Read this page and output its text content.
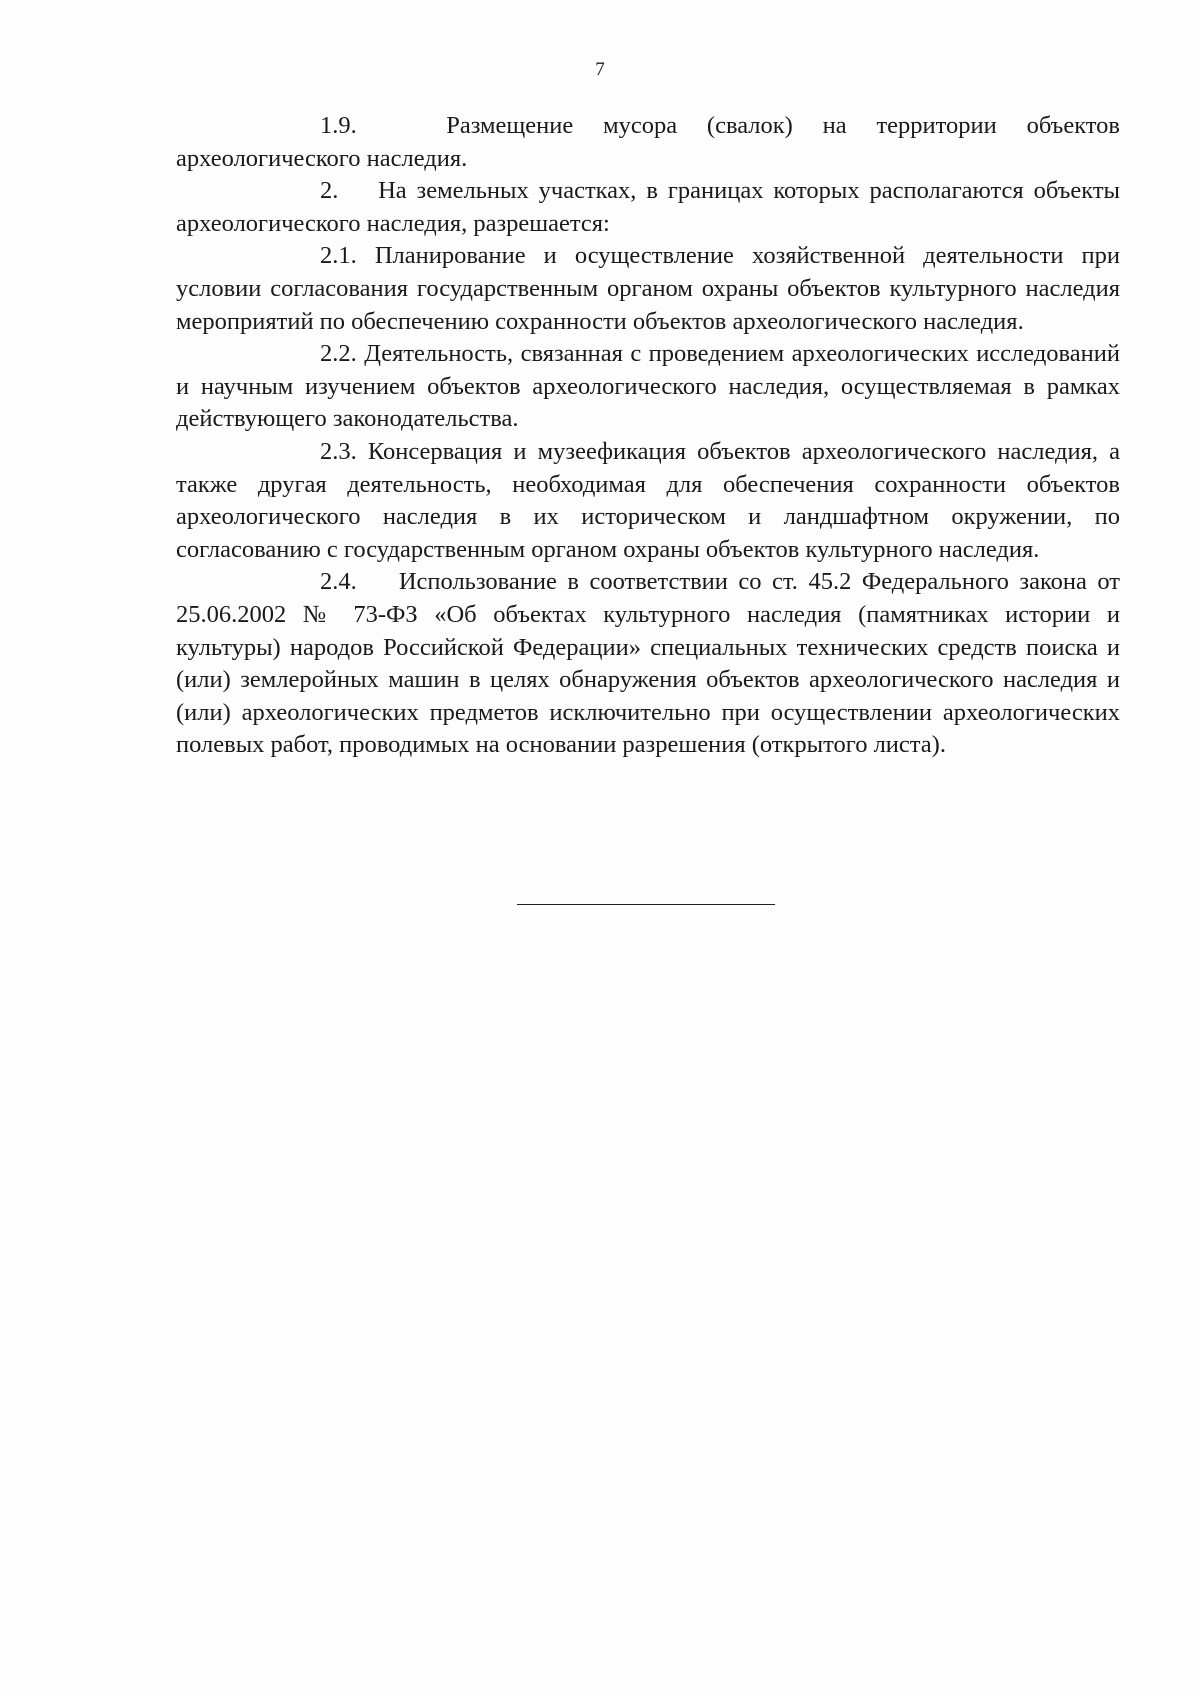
7

1.9.	Размещение мусора (свалок) на территории объектов археологического наследия.

2. На земельных участках, в границах которых располагаются объекты археологического наследия, разрешается:

2.1. Планирование и осуществление хозяйственной деятельности при условии согласования государственным органом охраны объектов культурного наследия мероприятий по обеспечению сохранности объектов археологического наследия.

2.2. Деятельность, связанная с проведением археологических исследований и научным изучением объектов археологического наследия, осуществляемая в рамках действующего законодательства.

2.3. Консервация и музеефикация объектов археологического наследия, а также другая деятельность, необходимая для обеспечения сохранности объектов археологического наследия в их историческом и ландшафтном окружении, по согласованию с государственным органом охраны объектов культурного наследия.

2.4. Использование в соответствии со ст. 45.2 Федерального закона от 25.06.2002 № 73-ФЗ «Об объектах культурного наследия (памятниках истории и культуры) народов Российской Федерации» специальных технических средств поиска и (или) землеройных машин в целях обнаружения объектов археологического наследия и (или) археологических предметов исключительно при осуществлении археологических полевых работ, проводимых на основании разрешения (открытого листа).
